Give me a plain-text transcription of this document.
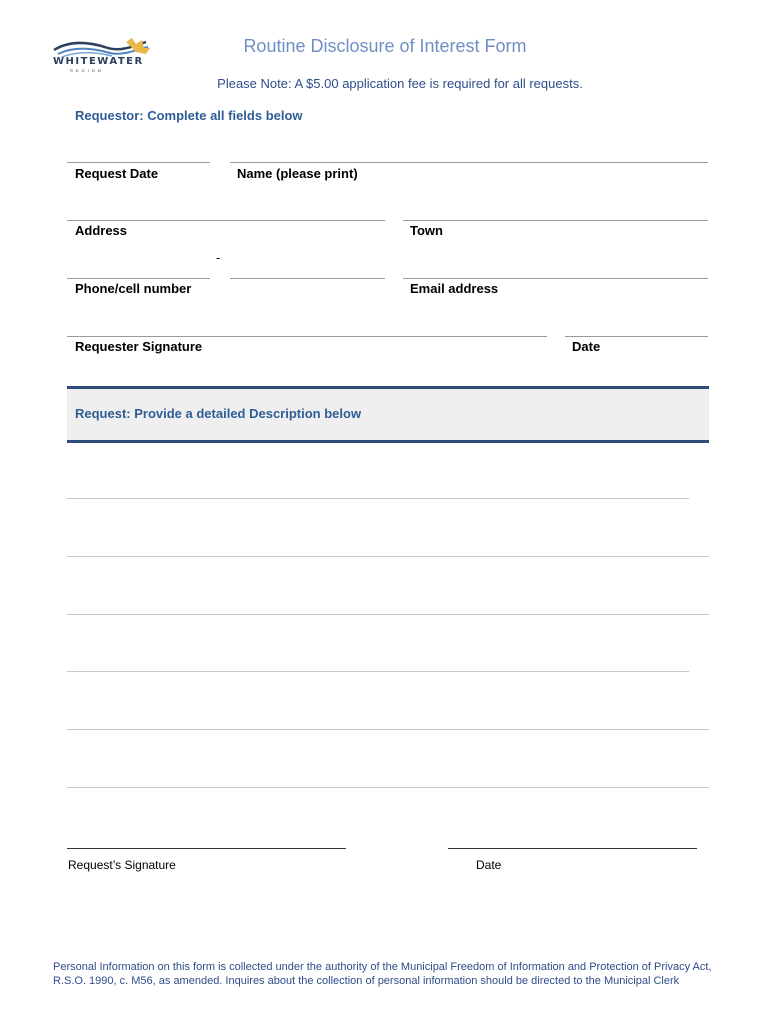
WHITEWATER
REGION
Routine Disclosure of Interest Form
Please Note: A $5.00 application fee is required for all requests.
Requestor: Complete all fields below
Request Date	Name (please print)
Address	Town
-
Phone/cell number	Email address
Requester Signature	Date
Request: Provide a detailed Description below
Request’s Signature	Date
Personal Information on this form is collected under the authority of the Municipal Freedom of Information and Protection of Privacy Act, R.S.O. 1990, c. M56, as amended. Inquires about the collection of personal information should be directed to the Municipal Clerk
